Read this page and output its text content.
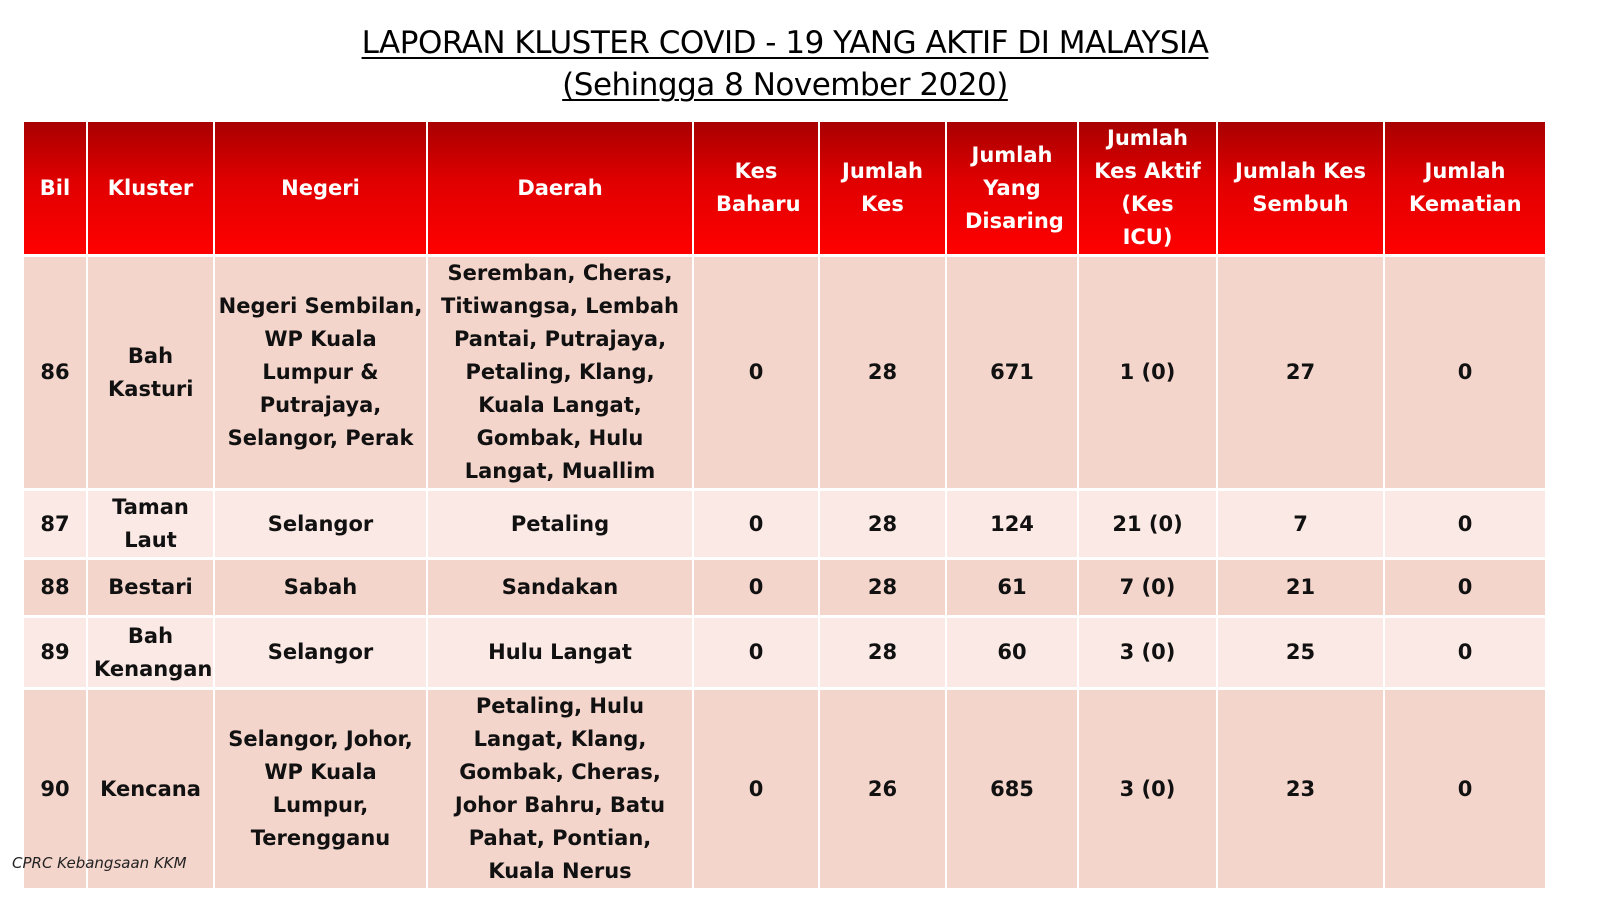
LAPORAN KLUSTER COVID - 19 YANG AKTIF DI MALAYSIA
(Sehingga 8 November 2020)
Bil	Kluster	Negeri	Daerah	Kes Baharu	Jumlah Kes	Jumlah Yang Disaring	Jumlah Kes Aktif (Kes ICU)	Jumlah Kes Sembuh	Jumlah Kematian
86	Bah Kasturi	Negeri Sembilan, WP Kuala Lumpur & Putrajaya, Selangor, Perak	Seremban, Cheras, Titiwangsa, Lembah Pantai, Putrajaya, Petaling, Klang, Kuala Langat, Gombak, Hulu Langat, Muallim	0	28	671	1 (0)	27	0
87	Taman Laut	Selangor	Petaling	0	28	124	21 (0)	7	0
88	Bestari	Sabah	Sandakan	0	28	61	7 (0)	21	0
89	Bah Kenangan	Selangor	Hulu Langat	0	28	60	3 (0)	25	0
90	Kencana	Selangor, Johor, WP Kuala Lumpur, Terengganu	Petaling, Hulu Langat, Klang, Gombak, Cheras, Johor Bahru, Batu Pahat, Pontian, Kuala Nerus	0	26	685	3 (0)	23	0
CPRC Kebangsaan KKM
